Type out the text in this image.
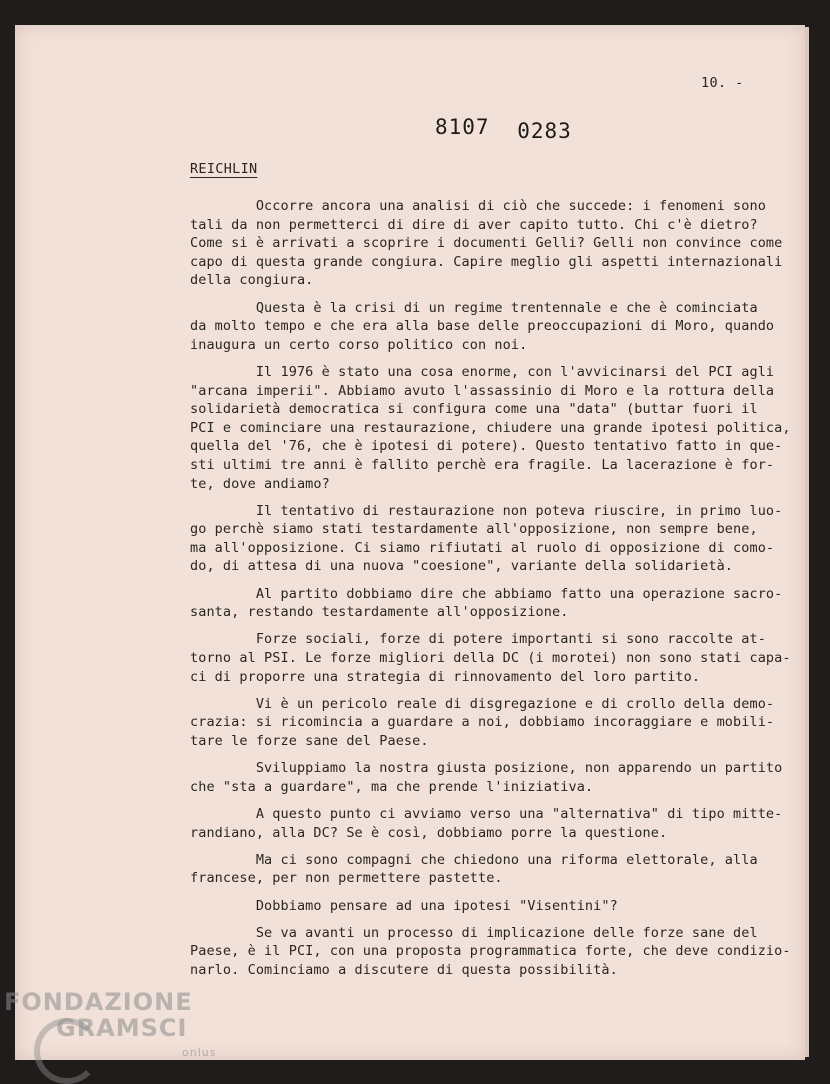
10. -
8107 0283
REICHLIN

Occorre ancora una analisi di ciò che succede: i fenomeni sono
tali da non permetterci di dire di aver capito tutto. Chi c'è dietro?
Come si è arrivati a scoprire i documenti Gelli? Gelli non convince come
capo di questa grande congiura. Capire meglio gli aspetti internazionali
della congiura.

Questa è la crisi di un regime trentennale e che è cominciata
da molto tempo e che era alla base delle preoccupazioni di Moro, quando
inaugura un certo corso politico con noi.

Il 1976 è stato una cosa enorme, con l'avvicinarsi del PCI agli
"arcana imperii". Abbiamo avuto l'assassinio di Moro e la rottura della
solidarietà democratica si configura come una "data" (buttar fuori il
PCI e cominciare una restaurazione, chiudere una grande ipotesi politica,
quella del '76, che è ipotesi di potere). Questo tentativo fatto in que-
sti ultimi tre anni è fallito perchè era fragile. La lacerazione è for-
te, dove andiamo?

Il tentativo di restaurazione non poteva riuscire, in primo luo-
go perchè siamo stati testardamente all'opposizione, non sempre bene,
ma all'opposizione. Ci siamo rifiutati al ruolo di opposizione di como-
do, di attesa di una nuova "coesione", variante della solidarietà.

Al partito dobbiamo dire che abbiamo fatto una operazione sacro-
santa, restando testardamente all'opposizione.

Forze sociali, forze di potere importanti si sono raccolte at-
torno al PSI. Le forze migliori della DC (i morotei) non sono stati capa-
ci di proporre una strategia di rinnovamento del loro partito.

Vi è un pericolo reale di disgregazione e di crollo della demo-
crazia: si ricomincia a guardare a noi, dobbiamo incoraggiare e mobili-
tare le forze sane del Paese.

Sviluppiamo la nostra giusta posizione, non apparendo un partito
che "sta a guardare", ma che prende l'iniziativa.

A questo punto ci avviamo verso una "alternativa" di tipo mitte-
randiano, alla DC? Se è così, dobbiamo porre la questione.

Ma ci sono compagni che chiedono una riforma elettorale, alla
francese, per non permettere pastette.

Dobbiamo pensare ad una ipotesi "Visentini"?

Se va avanti un processo di implicazione delle forze sane del
Paese, è il PCI, con una proposta programmatica forte, che deve condizio-
narlo. Cominciamo a discutere di questa possibilità.

FONDAZIONE
GRAMSCI
onlus
